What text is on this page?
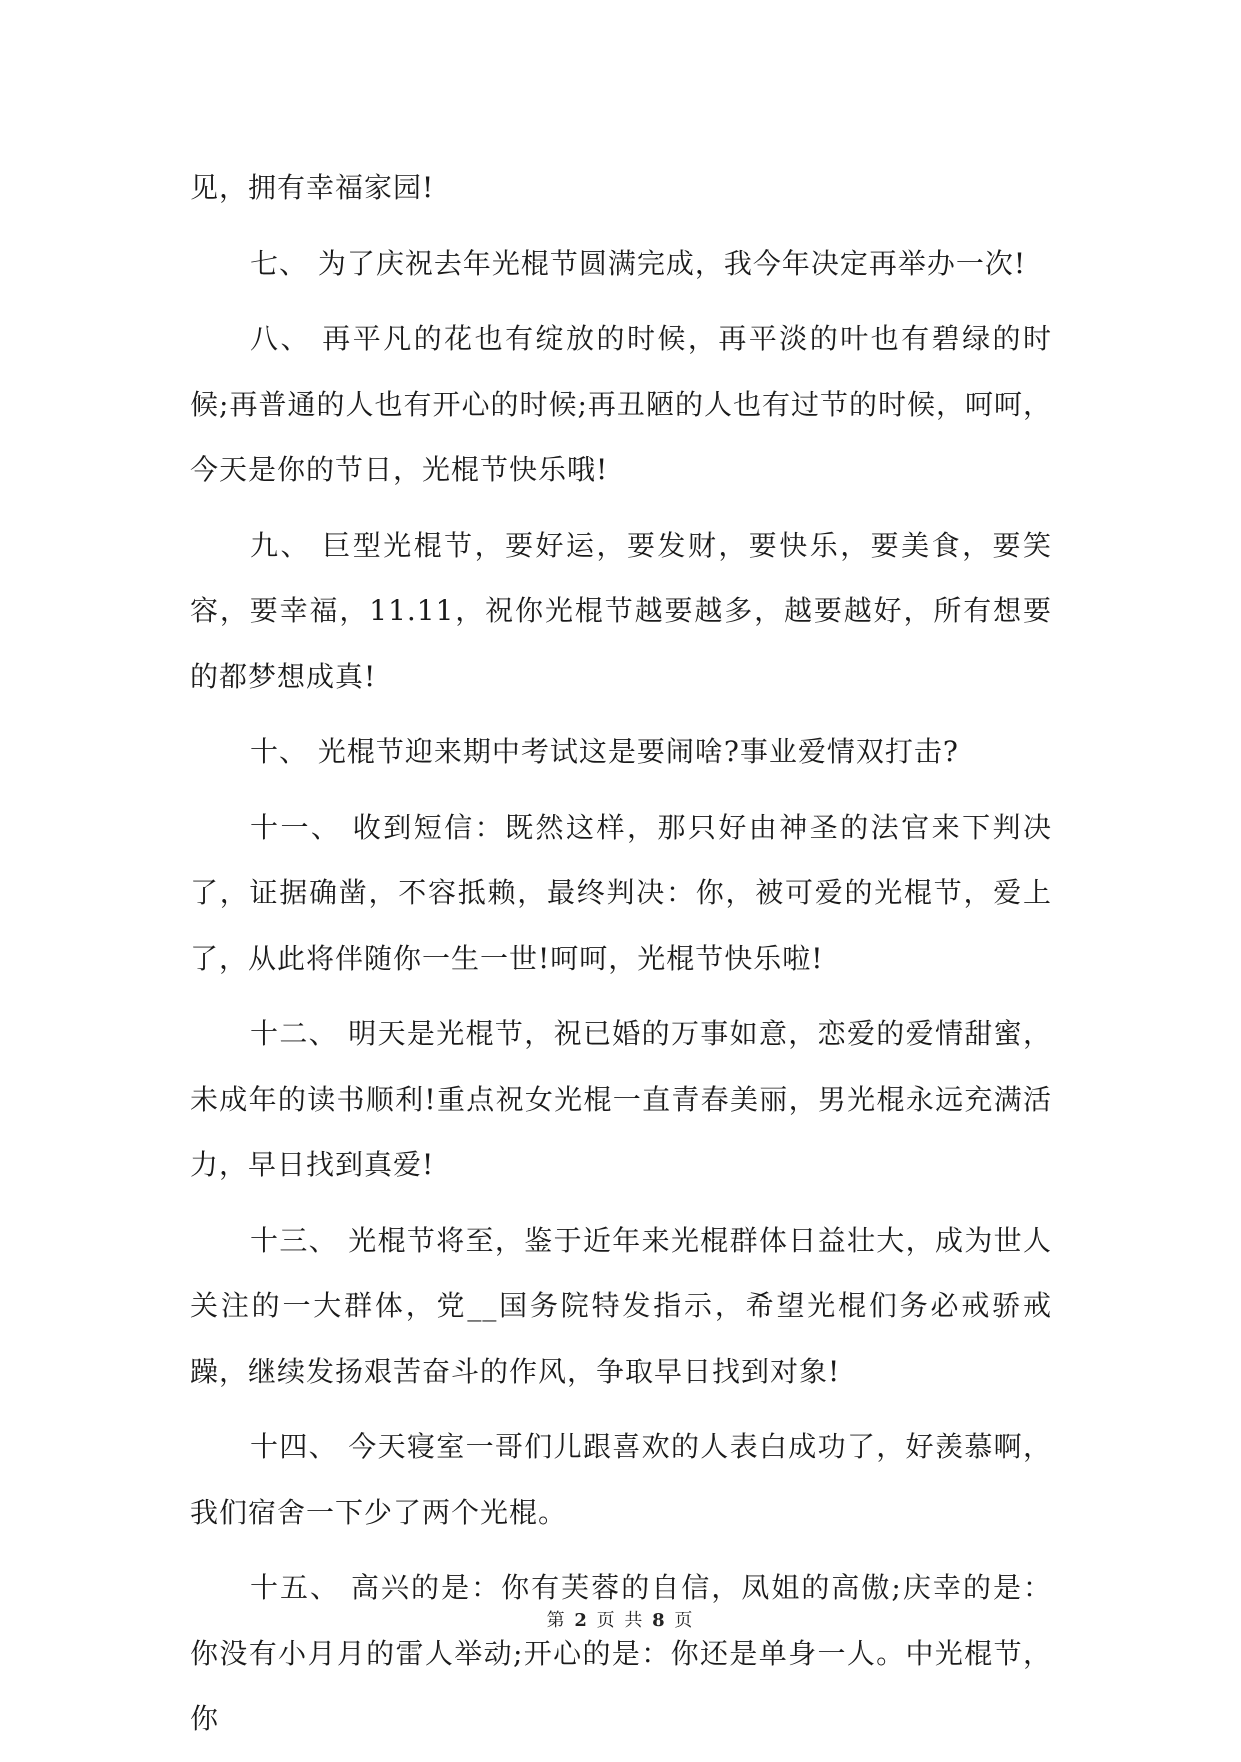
见，拥有幸福家园!

七、 为了庆祝去年光棍节圆满完成，我今年决定再举办一次!

八、 再平凡的花也有绽放的时候，再平淡的叶也有碧绿的时候;再普通的人也有开心的时候;再丑陋的人也有过节的时候，呵呵，今天是你的节日，光棍节快乐哦!

九、 巨型光棍节，要好运，要发财，要快乐，要美食，要笑容，要幸福，11.11，祝你光棍节越要越多，越要越好，所有想要的都梦想成真!

十、 光棍节迎来期中考试这是要闹啥?事业爱情双打击?

十一、 收到短信：既然这样，那只好由神圣的法官来下判决了，证据确凿，不容抵赖，最终判决：你，被可爱的光棍节，爱上了，从此将伴随你一生一世!呵呵，光棍节快乐啦!

十二、 明天是光棍节，祝已婚的万事如意，恋爱的爱情甜蜜，未成年的读书顺利!重点祝女光棍一直青春美丽，男光棍永远充满活力，早日找到真爱!

十三、 光棍节将至，鉴于近年来光棍群体日益壮大，成为世人关注的一大群体，党__国务院特发指示，希望光棍们务必戒骄戒躁，继续发扬艰苦奋斗的作风，争取早日找到对象!

十四、 今天寝室一哥们儿跟喜欢的人表白成功了，好羡慕啊，我们宿舍一下少了两个光棍。

十五、 高兴的是：你有芙蓉的自信，凤姐的高傲;庆幸的是：你没有小月月的雷人举动;开心的是：你还是单身一人。中光棍节，你

第 2 页 共 8 页
